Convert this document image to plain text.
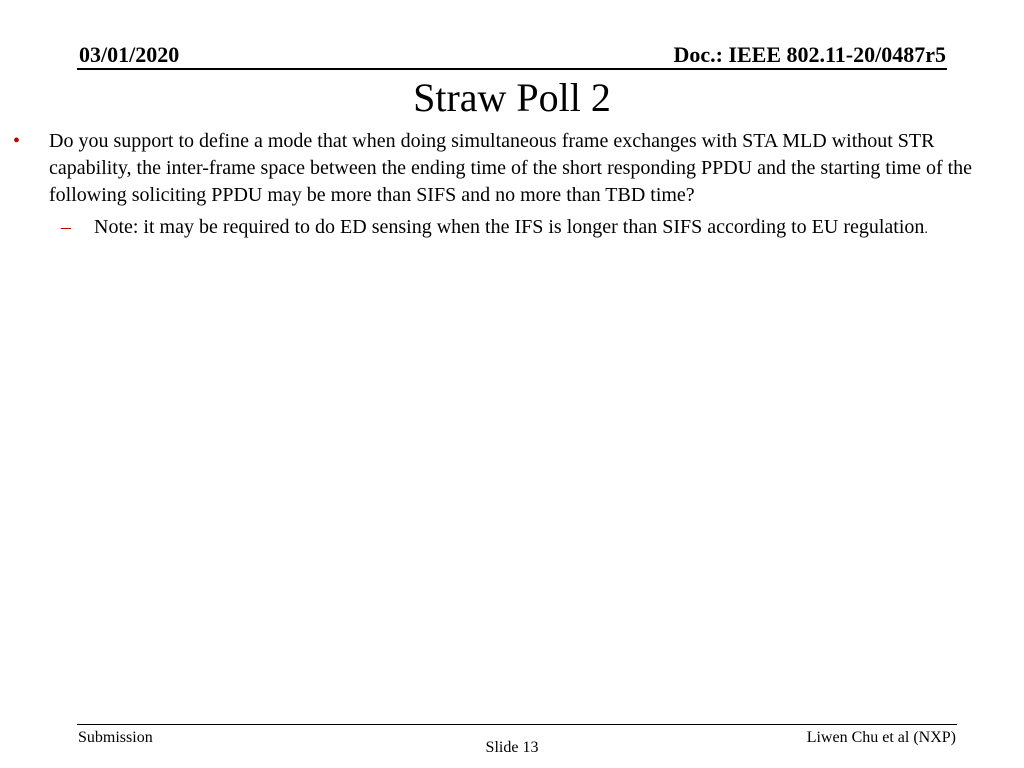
03/01/2020	Doc.: IEEE 802.11-20/0487r5
Straw Poll 2
• Do you support to define a mode that when doing simultaneous frame exchanges with STA MLD without STR capability, the inter-frame space between the ending time of the short responding PPDU and the starting time of the following soliciting PPDU may be more than SIFS and no more than TBD time?
– Note: it may be required to do ED sensing when the IFS is longer than SIFS according to EU regulation.
Submission
Slide 13
Liwen Chu et al (NXP)
